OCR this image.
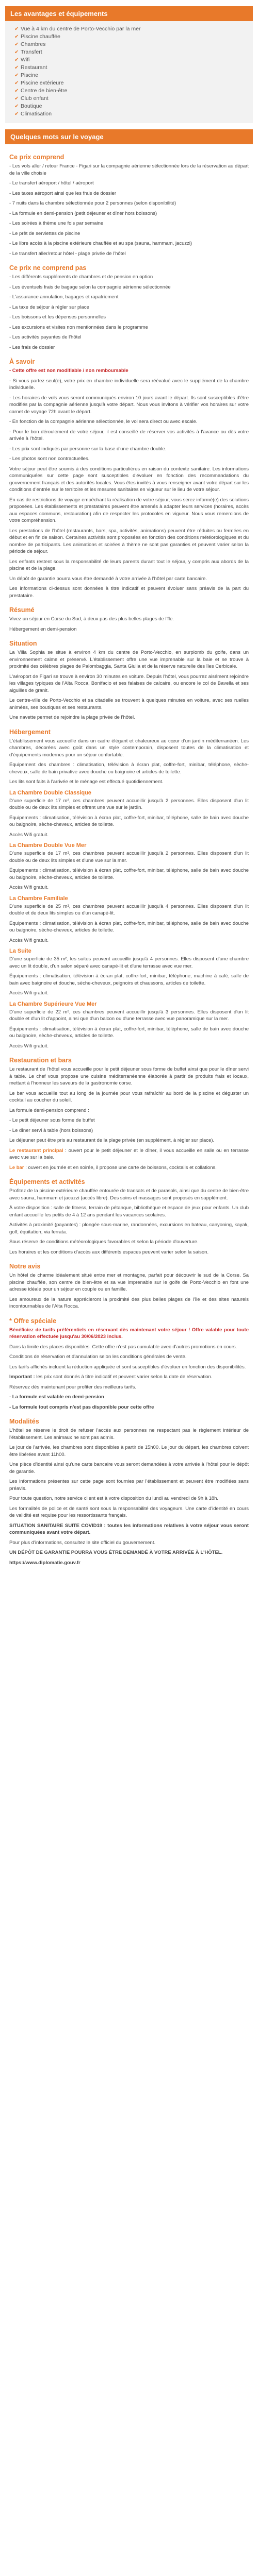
Les avantages et équipements
✔ Vue à 4 km du centre de Porto-Vecchio par la mer
✔ Piscine chauffée
✔ Chambres
✔ Transfert
✔ Wifi
✔ Restaurant
✔ Piscine
✔ Piscine extérieure
✔ Centre de bien-être
✔ Club enfant
✔ Boutique
✔ Climatisation
Quelques mots sur le voyage
Ce prix comprend

- Les vols aller / retour France - Figari sur la compagnie aérienne sélectionnée lors de la réservation au départ de la ville choisie

- Le transfert aéroport / hôtel / aéroport

- Les taxes aéroport ainsi que les frais de dossier

- 7 nuits dans la chambre sélectionnée pour 2 personnes (selon disponibilité)

- La formule en demi-pension (petit déjeuner et dîner hors boissons)

- Les soirées à thème une fois par semaine

- Le prêt de serviettes de piscine

- Le libre accès à la piscine extérieure chauffée et au spa (sauna, hammam, jacuzzi)

- Le transfert aller/retour hôtel - plage privée de l'hôtel

Ce prix ne comprend pas

- Les différents suppléments de chambres et de pension en option

- Les éventuels frais de bagage selon la compagnie aérienne sélectionnée

- L'assurance annulation, bagages et rapatriement

- La taxe de séjour à régler sur place

- Les boissons et les dépenses personnelles

- Les excursions et visites non mentionnées dans le programme

- Les activités payantes de l'hôtel

- Les frais de dossier

À savoir

- Cette offre est non modifiable / non remboursable

- Si vous partez seul(e), votre prix en chambre individuelle sera réévalué avec le supplément de la chambre individuelle.

- Les horaires de vols vous seront communiqués environ 10 jours avant le départ. Ils sont susceptibles d'être modifiés par la compagnie aérienne jusqu'à votre départ. Nous vous invitons à vérifier vos horaires sur votre carnet de voyage 72h avant le départ.

- En fonction de la compagnie aérienne sélectionnée, le vol sera direct ou avec escale.

- Pour le bon déroulement de votre séjour, il est conseillé de réserver vos activités à l'avance ou dès votre arrivée à l'hôtel.

- Les prix sont indiqués par personne sur la base d'une chambre double.

- Les photos sont non contractuelles.

Votre séjour peut être soumis à des conditions particulières en raison du contexte sanitaire. Les informations communiquées sur cette page sont susceptibles d'évoluer en fonction des recommandations du gouvernement français et des autorités locales. Vous êtes invités à vous renseigner avant votre départ sur les conditions d'entrée sur le territoire et les mesures sanitaires en vigueur sur le lieu de votre séjour.

En cas de restrictions de voyage empêchant la réalisation de votre séjour, vous serez informé(e) des solutions proposées. Les établissements et prestataires peuvent être amenés à adapter leurs services (horaires, accès aux espaces communs, restauration) afin de respecter les protocoles en vigueur. Nous vous remercions de votre compréhension.

Les prestations de l'hôtel (restaurants, bars, spa, activités, animations) peuvent être réduites ou fermées en début et en fin de saison. Certaines activités sont proposées en fonction des conditions météorologiques et du nombre de participants. Les animations et soirées à thème ne sont pas garanties et peuvent varier selon la période de séjour.

Les enfants restent sous la responsabilité de leurs parents durant tout le séjour, y compris aux abords de la piscine et de la plage.

Un dépôt de garantie pourra vous être demandé à votre arrivée à l'hôtel par carte bancaire.

Les informations ci-dessus sont données à titre indicatif et peuvent évoluer sans préavis de la part du prestataire.

Résumé

Vivez un séjour en Corse du Sud, à deux pas des plus belles plages de l'île.

Hébergement en demi-pension

Situation

La Villa Sophia se situe à environ 4 km du centre de Porto-Vecchio, en surplomb du golfe, dans un environnement calme et préservé. L'établissement offre une vue imprenable sur la baie et se trouve à proximité des célèbres plages de Palombaggia, Santa Giulia et de la réserve naturelle des îles Cerbicale.

L'aéroport de Figari se trouve à environ 30 minutes en voiture. Depuis l'hôtel, vous pourrez aisément rejoindre les villages typiques de l'Alta Rocca, Bonifacio et ses falaises de calcaire, ou encore le col de Bavella et ses aiguilles de granit.

Le centre-ville de Porto-Vecchio et sa citadelle se trouvent à quelques minutes en voiture, avec ses ruelles animées, ses boutiques et ses restaurants.

Une navette permet de rejoindre la plage privée de l'hôtel.

Hébergement

L'établissement vous accueille dans un cadre élégant et chaleureux au cœur d'un jardin méditerranéen. Les chambres, décorées avec goût dans un style contemporain, disposent toutes de la climatisation et d'équipements modernes pour un séjour confortable.

Équipement des chambres : climatisation, télévision à écran plat, coffre-fort, minibar, téléphone, sèche-cheveux, salle de bain privative avec douche ou baignoire et articles de toilette.

Les lits sont faits à l'arrivée et le ménage est effectué quotidiennement.

La Chambre Double Classique

D'une superficie de 17 m², ces chambres peuvent accueillir jusqu'à 2 personnes. Elles disposent d'un lit double ou de deux lits simples et offrent une vue sur le jardin.

Équipements : climatisation, télévision à écran plat, coffre-fort, minibar, téléphone, salle de bain avec douche ou baignoire, sèche-cheveux, articles de toilette.

Accès Wifi gratuit.

La Chambre Double Vue Mer

D'une superficie de 17 m², ces chambres peuvent accueillir jusqu'à 2 personnes. Elles disposent d'un lit double ou de deux lits simples et d'une vue sur la mer.

Équipements : climatisation, télévision à écran plat, coffre-fort, minibar, téléphone, salle de bain avec douche ou baignoire, sèche-cheveux, articles de toilette.

Accès Wifi gratuit.

La Chambre Familiale

D'une superficie de 25 m², ces chambres peuvent accueillir jusqu'à 4 personnes. Elles disposent d'un lit double et de deux lits simples ou d'un canapé-lit.

Équipements : climatisation, télévision à écran plat, coffre-fort, minibar, téléphone, salle de bain avec douche ou baignoire, sèche-cheveux, articles de toilette.

Accès Wifi gratuit.

La Suite

D'une superficie de 35 m², les suites peuvent accueillir jusqu'à 4 personnes. Elles disposent d'une chambre avec un lit double, d'un salon séparé avec canapé-lit et d'une terrasse avec vue mer.

Équipements : climatisation, télévision à écran plat, coffre-fort, minibar, téléphone, machine à café, salle de bain avec baignoire et douche, sèche-cheveux, peignoirs et chaussons, articles de toilette.

Accès Wifi gratuit.

La Chambre Supérieure Vue Mer

D'une superficie de 22 m², ces chambres peuvent accueillir jusqu'à 3 personnes. Elles disposent d'un lit double et d'un lit d'appoint, ainsi que d'un balcon ou d'une terrasse avec vue panoramique sur la mer.

Équipements : climatisation, télévision à écran plat, coffre-fort, minibar, téléphone, salle de bain avec douche ou baignoire, sèche-cheveux, articles de toilette.

Accès Wifi gratuit.

Restauration et bars

Le restaurant de l'hôtel vous accueille pour le petit déjeuner sous forme de buffet ainsi que pour le dîner servi à table. Le chef vous propose une cuisine méditerranéenne élaborée à partir de produits frais et locaux, mettant à l'honneur les saveurs de la gastronomie corse.

Le bar vous accueille tout au long de la journée pour vous rafraîchir au bord de la piscine et déguster un cocktail au coucher du soleil.

La formule demi-pension comprend :

- Le petit déjeuner sous forme de buffet

- Le dîner servi à table (hors boissons)

Le déjeuner peut être pris au restaurant de la plage privée (en supplément, à régler sur place).

Le restaurant principal : ouvert pour le petit déjeuner et le dîner, il vous accueille en salle ou en terrasse avec vue sur la baie.

Le bar : ouvert en journée et en soirée, il propose une carte de boissons, cocktails et collations.

Équipements et activités

Profitez de la piscine extérieure chauffée entourée de transats et de parasols, ainsi que du centre de bien-être avec sauna, hammam et jacuzzi (accès libre). Des soins et massages sont proposés en supplément.

À votre disposition : salle de fitness, terrain de pétanque, bibliothèque et espace de jeux pour enfants. Un club enfant accueille les petits de 4 à 12 ans pendant les vacances scolaires.

Activités à proximité (payantes) : plongée sous-marine, randonnées, excursions en bateau, canyoning, kayak, golf, équitation, via ferrata.

Sous réserve de conditions météorologiques favorables et selon la période d'ouverture.

Les horaires et les conditions d'accès aux différents espaces peuvent varier selon la saison.

Notre avis

Un hôtel de charme idéalement situé entre mer et montagne, parfait pour découvrir le sud de la Corse. Sa piscine chauffée, son centre de bien-être et sa vue imprenable sur le golfe de Porto-Vecchio en font une adresse idéale pour un séjour en couple ou en famille.

Les amoureux de la nature apprécieront la proximité des plus belles plages de l'île et des sites naturels incontournables de l'Alta Rocca.

* Offre spéciale

Bénéficiez de tarifs préférentiels en réservant dès maintenant votre séjour ! Offre valable pour toute réservation effectuée jusqu'au 30/06/2023 inclus.

Dans la limite des places disponibles. Cette offre n'est pas cumulable avec d'autres promotions en cours.

Conditions de réservation et d'annulation selon les conditions générales de vente.

Les tarifs affichés incluent la réduction appliquée et sont susceptibles d'évoluer en fonction des disponibilités.

Important : les prix sont donnés à titre indicatif et peuvent varier selon la date de réservation.

Réservez dès maintenant pour profiter des meilleurs tarifs.

- La formule est valable en demi-pension

- La formule tout compris n'est pas disponible pour cette offre

Modalités

L'hôtel se réserve le droit de refuser l'accès aux personnes ne respectant pas le règlement intérieur de l'établissement. Les animaux ne sont pas admis.

Le jour de l'arrivée, les chambres sont disponibles à partir de 15h00. Le jour du départ, les chambres doivent être libérées avant 11h00.

Une pièce d'identité ainsi qu'une carte bancaire vous seront demandées à votre arrivée à l'hôtel pour le dépôt de garantie.

Les informations présentes sur cette page sont fournies par l'établissement et peuvent être modifiées sans préavis.

Pour toute question, notre service client est à votre disposition du lundi au vendredi de 9h à 18h.

Les formalités de police et de santé sont sous la responsabilité des voyageurs. Une carte d'identité en cours de validité est requise pour les ressortissants français.

SITUATION SANITAIRE SUITE COVID19 : toutes les informations relatives à votre séjour vous seront communiquées avant votre départ.

Pour plus d'informations, consultez le site officiel du gouvernement.

UN DÉPÔT DE GARANTIE POURRA VOUS ÊTRE DEMANDÉ À VOTRE ARRIVÉE À L'HÔTEL.

https://www.diplomatie.gouv.fr
